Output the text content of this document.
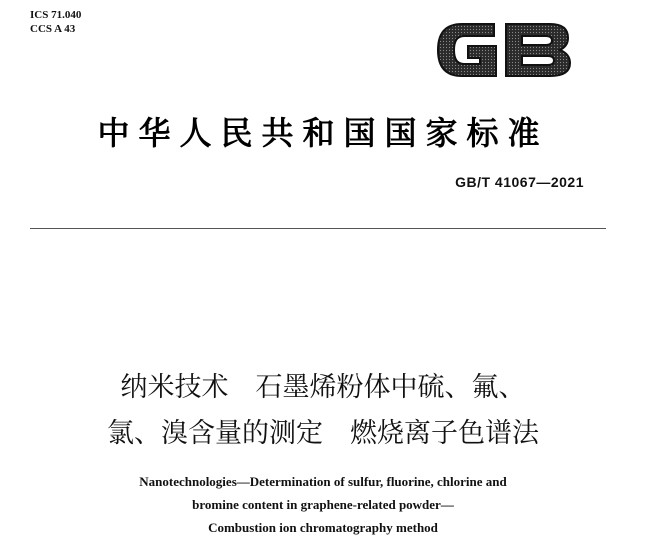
ICS 71.040
CCS A 43
中华人民共和国国家标准
GB/T 41067—2021
纳米技术　石墨烯粉体中硫、氟、
氯、溴含量的测定　燃烧离子色谱法
Nanotechnologies—Determination of sulfur, fluorine, chlorine and
bromine content in graphene-related powder—
Combustion ion chromatography method
